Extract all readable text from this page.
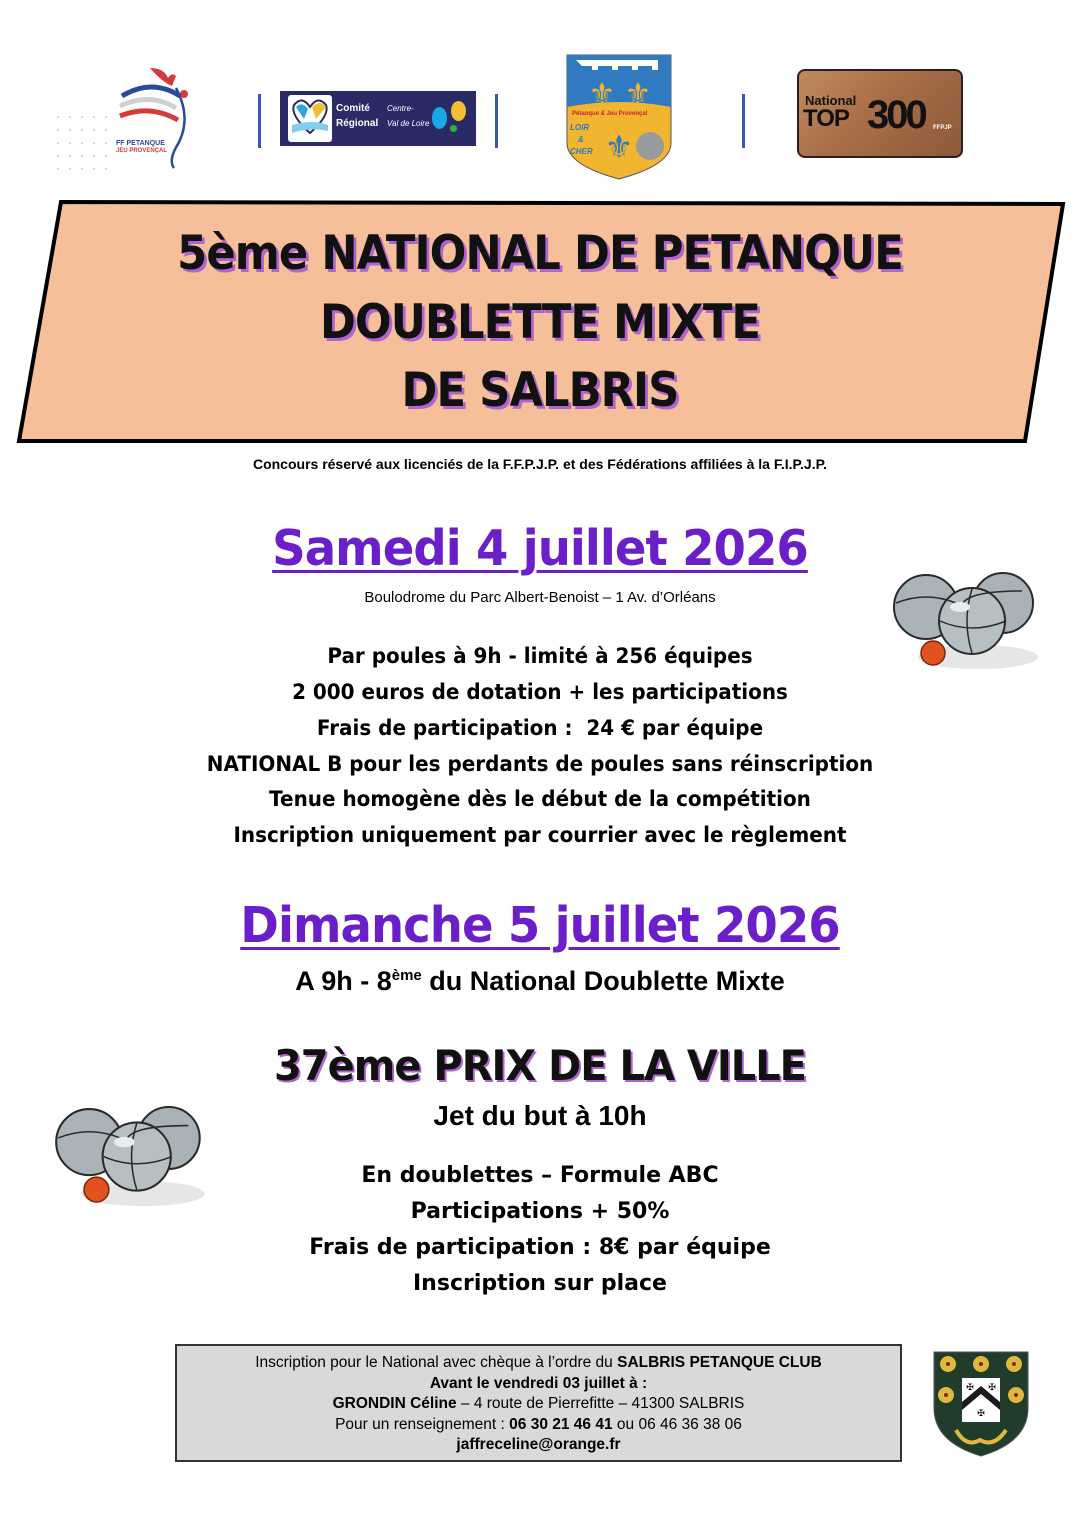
FF PETANQUE
JEU PROVENÇAL
Comité
Régional
Centre-
Val de Loire
⚜ ⚜
⚜
Pétanque & Jeu Provençal
LOIR
&
CHER
National
TOP 300 FFPJP
5ème NATIONAL DE PETANQUE
DOUBLETTE MIXTE
DE SALBRIS
Concours réservé aux licenciés de la F.F.P.J.P. et des Fédérations affiliées à la F.I.P.J.P.
Samedi 4 juillet 2026
Boulodrome du Parc Albert-Benoist – 1 Av. d’Orléans
Par poules à 9h - limité à 256 équipes
2 000 euros de dotation + les participations
Frais de participation :  24 € par équipe
NATIONAL B pour les perdants de poules sans réinscription
Tenue homogène dès le début de la compétition
Inscription uniquement par courrier avec le règlement
Dimanche 5 juillet 2026
A 9h - 8ème du National Doublette Mixte
37ème PRIX DE LA VILLE
Jet du but à 10h
En doublettes – Formule ABC
Participations + 50%
Frais de participation : 8€ par équipe
Inscription sur place
Inscription pour le National avec chèque à l’ordre du SALBRIS PETANQUE CLUB
Avant le vendredi 03 juillet à :
GRONDIN Céline – 4 route de Pierrefitte – 41300 SALBRIS
Pour un renseignement : 06 30 21 46 41 ou 06 46 36 38 06
jaffreceline@orange.fr
✠ ✠
✠
